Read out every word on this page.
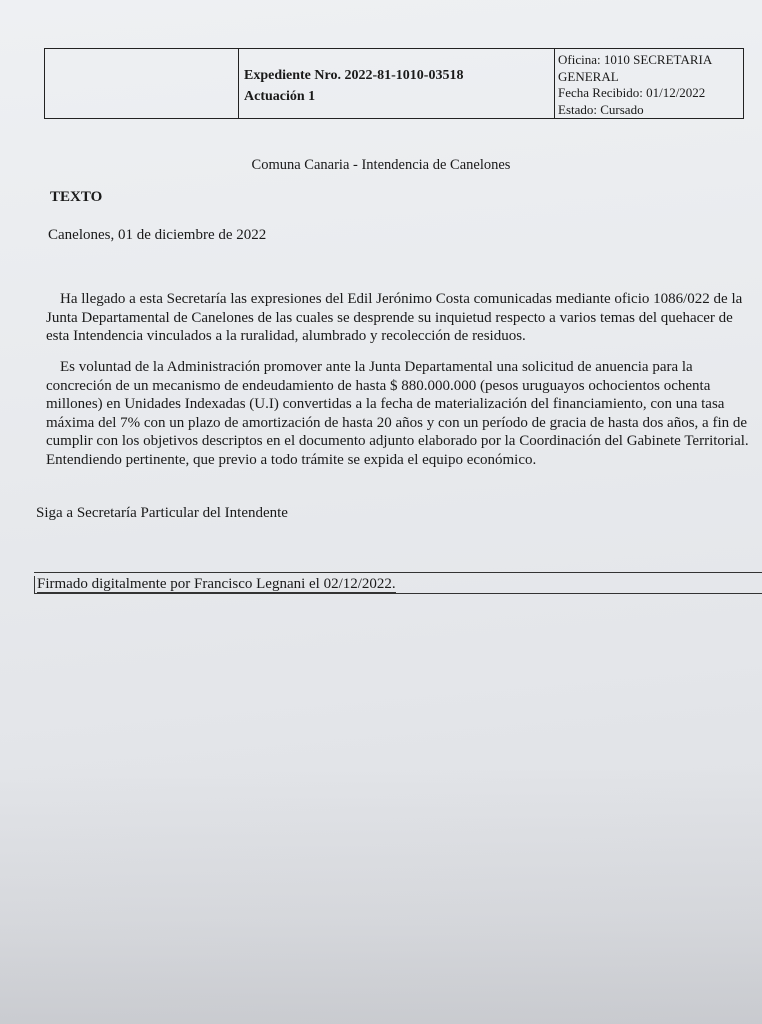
Expediente Nro. 2022-81-1010-03518
Actuación 1
Oficina: 1010 SECRETARIA GENERAL
Fecha Recibido: 01/12/2022
Estado: Cursado
Comuna Canaria - Intendencia de Canelones
TEXTO
Canelones, 01 de diciembre de 2022

Ha llegado a esta Secretaría las expresiones del Edil Jerónimo Costa comunicadas mediante oficio 1086/022 de la Junta Departamental de Canelones de las cuales se desprende su inquietud respecto a varios temas del quehacer de esta Intendencia vinculados a la ruralidad, alumbrado y recolección de residuos.

Es voluntad de la Administración promover ante la Junta Departamental una solicitud de anuencia para la concreción de un mecanismo de endeudamiento de hasta $ 880.000.000 (pesos uruguayos ochocientos ochenta millones) en Unidades Indexadas (U.I) convertidas a la fecha de materialización del financiamiento, con una tasa máxima del 7% con un plazo de amortización de hasta 20 años y con un período de gracia de hasta dos años, a fin de cumplir con los objetivos descriptos en el documento adjunto elaborado por la Coordinación del Gabinete Territorial. Entendiendo pertinente, que previo a todo trámite se expida el equipo económico.

Siga a Secretaría Particular del Intendente
Firmado digitalmente por Francisco Legnani el 02/12/2022.
